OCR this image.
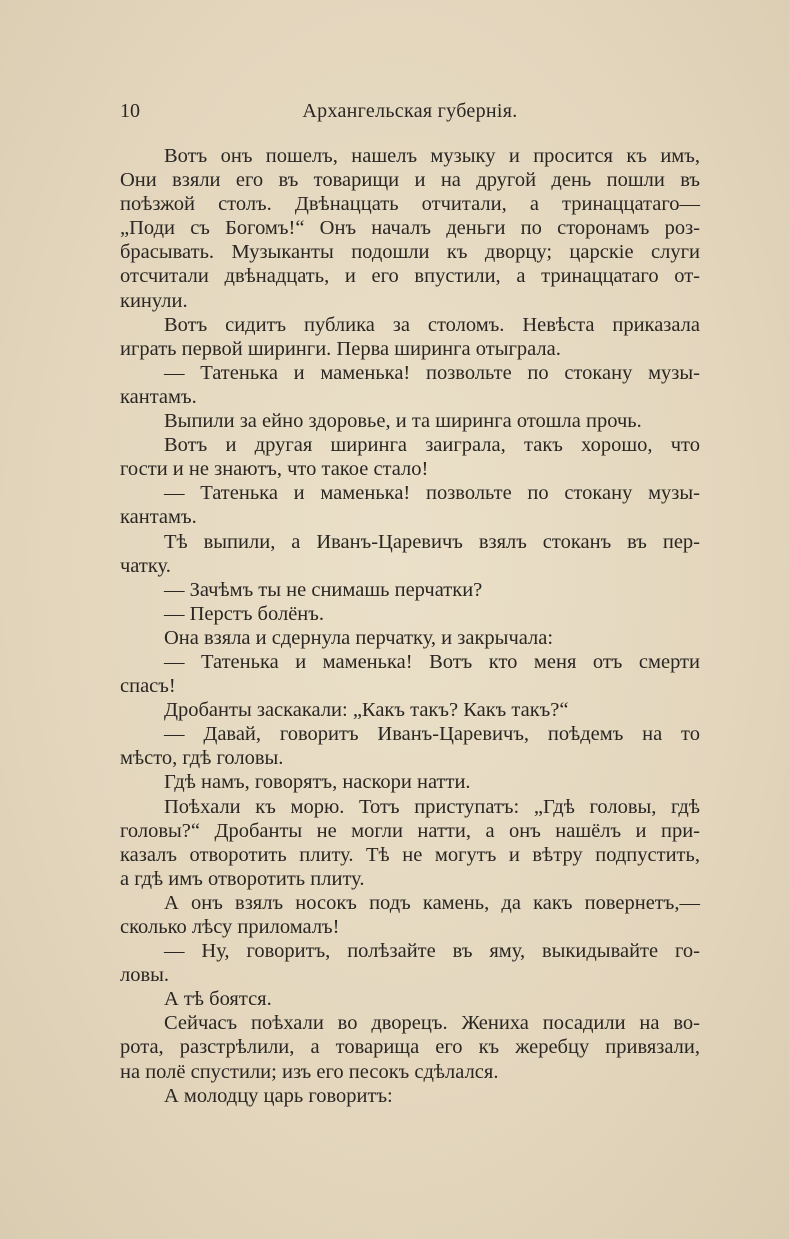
10	Архангельская губернія.
Вотъ онъ пошелъ, нашелъ музыку и просится къ имъ,
Они взяли его въ товарищи и на другой день пошли въ
поѣзжой столъ. Двѣнаццать отчитали, а тринаццатаго—
„Поди съ Богомъ!“ Онъ началъ деньги по сторонамъ роз-
брасывать. Музыканты подошли къ дворцу; царскіе слуги
отсчитали двѣнадцать, и его впустили, а тринаццатаго от-
кинули.
Вотъ сидитъ публика за столомъ. Невѣста приказала
играть первой ширинги. Перва ширинга отыграла.
— Татенька и маменька! позвольте по стокану музы-
кантамъ.
Выпили за ейно здоровье, и та ширинга отошла прочь.
Вотъ и другая ширинга заиграла, такъ хорошо, что
гости и не знаютъ, что такое стало!
— Татенька и маменька! позвольте по стокану музы-
кантамъ.
Тѣ выпили, а Иванъ-Царевичъ взялъ стоканъ въ пер-
чатку.
— Зачѣмъ ты не снимашь перчатки?
— Перстъ болёнъ.
Она взяла и сдернула перчатку, и закрычала:
— Татенька и маменька! Вотъ кто меня отъ смерти
спасъ!
Дробанты заскакали: „Какъ такъ? Какъ такъ?“
— Давай, говоритъ Иванъ-Царевичъ, поѣдемъ на то
мѣсто, гдѣ головы.
Гдѣ намъ, говорятъ, наскори натти.
Поѣхали къ морю. Тотъ приступатъ: „Гдѣ головы, гдѣ
головы?“ Дробанты не могли натти, а онъ нашёлъ и при-
казалъ отворотить плиту. Тѣ не могутъ и вѣтру подпустить,
а гдѣ имъ отворотить плиту.
А онъ взялъ носокъ подъ камень, да какъ повернетъ,—
сколько лѣсу приломалъ!
— Ну, говоритъ, полѣзайте въ яму, выкидывайте го-
ловы.
А тѣ боятся.
Сейчасъ поѣхали во дворецъ. Жениха посадили на во-
рота, разстрѣлили, а товарища его къ жеребцу привязали,
на полё спустили; изъ его песокъ сдѣлался.
А молодцу царь говоритъ:
